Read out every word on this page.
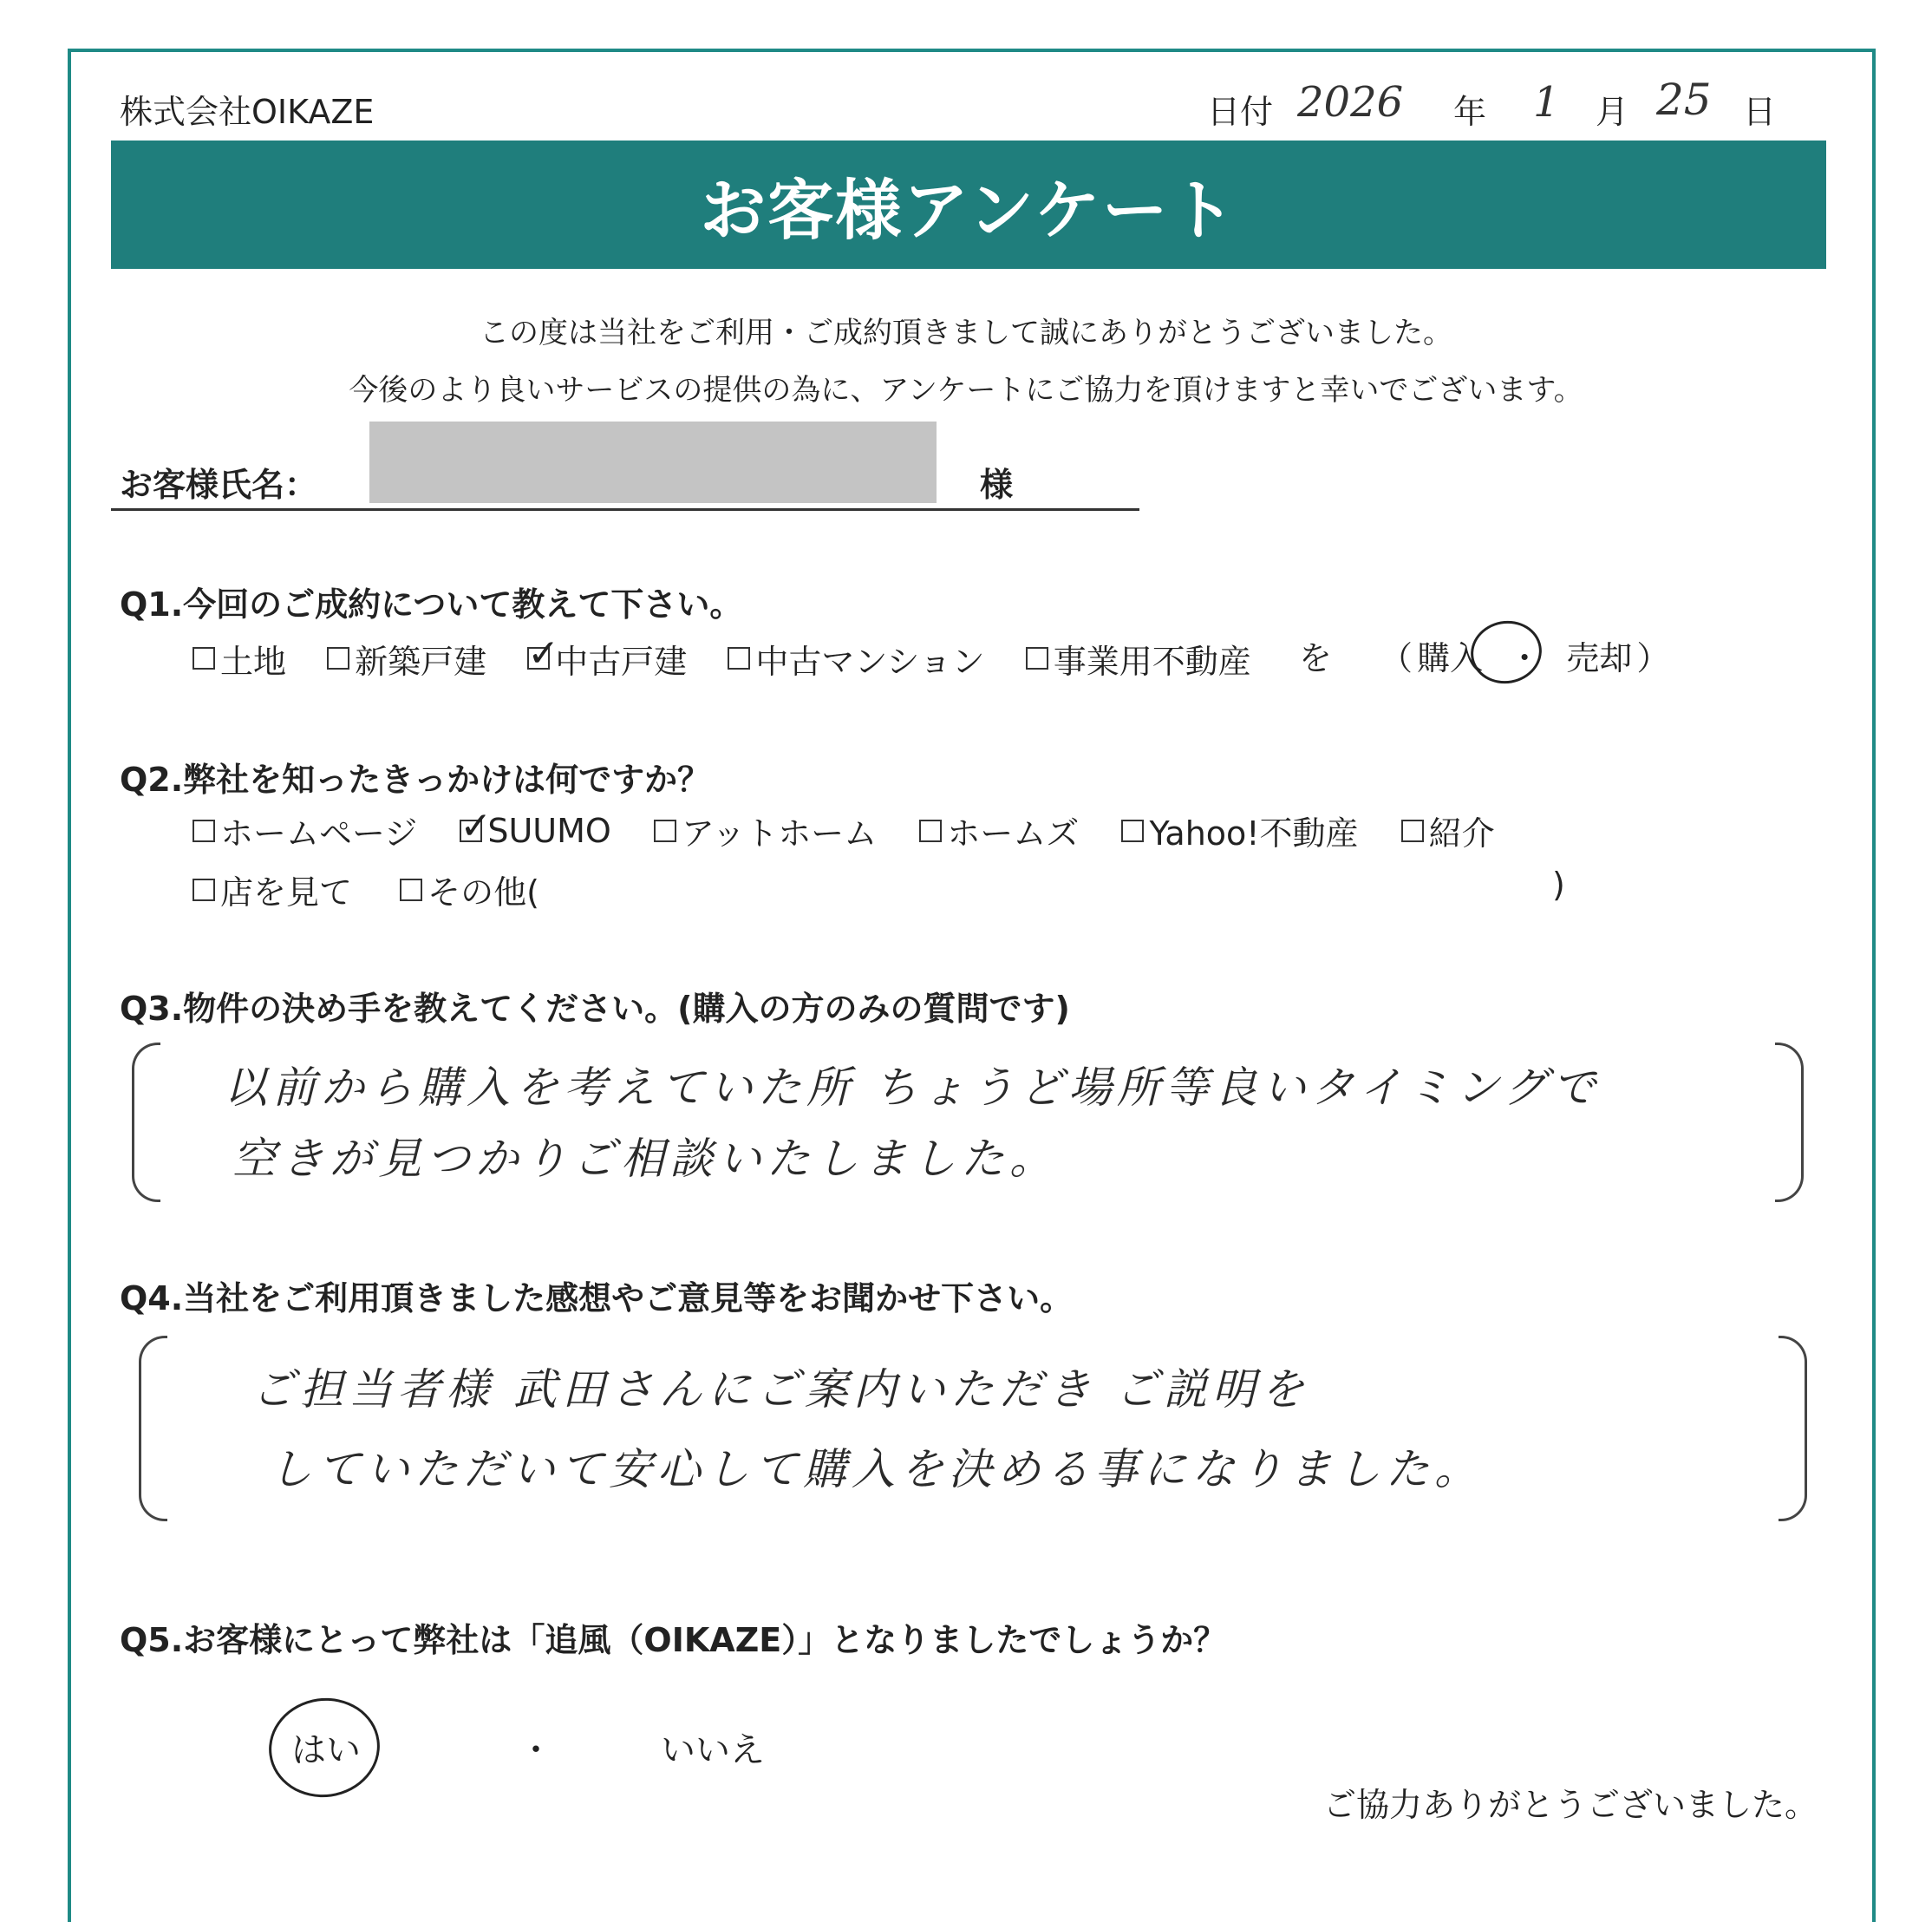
株式会社OIKAZE	日付 2026 年 1 月 25 日
お客様アンケート
この度は当社をご利用・ご成約頂きまして誠にありがとうございました。
今後のより良いサービスの提供の為に、アンケートにご協力を頂けますと幸いでございます。
お客様氏名：	様
Q1.今回のご成約について教えて下さい。
土地
新築戸建
✓ 中古戸建
中古マンション
事業用不動産 を （ 購入 ・ 売却 ）
Q2.弊社を知ったきっかけは何ですか？
ホームページ
✓ SUUMO
アットホーム
ホームズ
Yahoo!不動産
紹介
店を見て
その他(	)
Q3.物件の決め手を教えてください。(購入の方のみの質問です)
以前から購入を考えていた所 ちょうど場所等良いタイミングで
空きが見つかりご相談いたしました。
Q4.当社をご利用頂きました感想やご意見等をお聞かせ下さい。
ご担当者様 武田さんにご案内いただき ご説明を
していただいて安心して購入を決める事になりました。
Q5.お客様にとって弊社は「追風（OIKAZE）」となりましたでしょうか？
はい	・	いいえ
ご協力ありがとうございました。
